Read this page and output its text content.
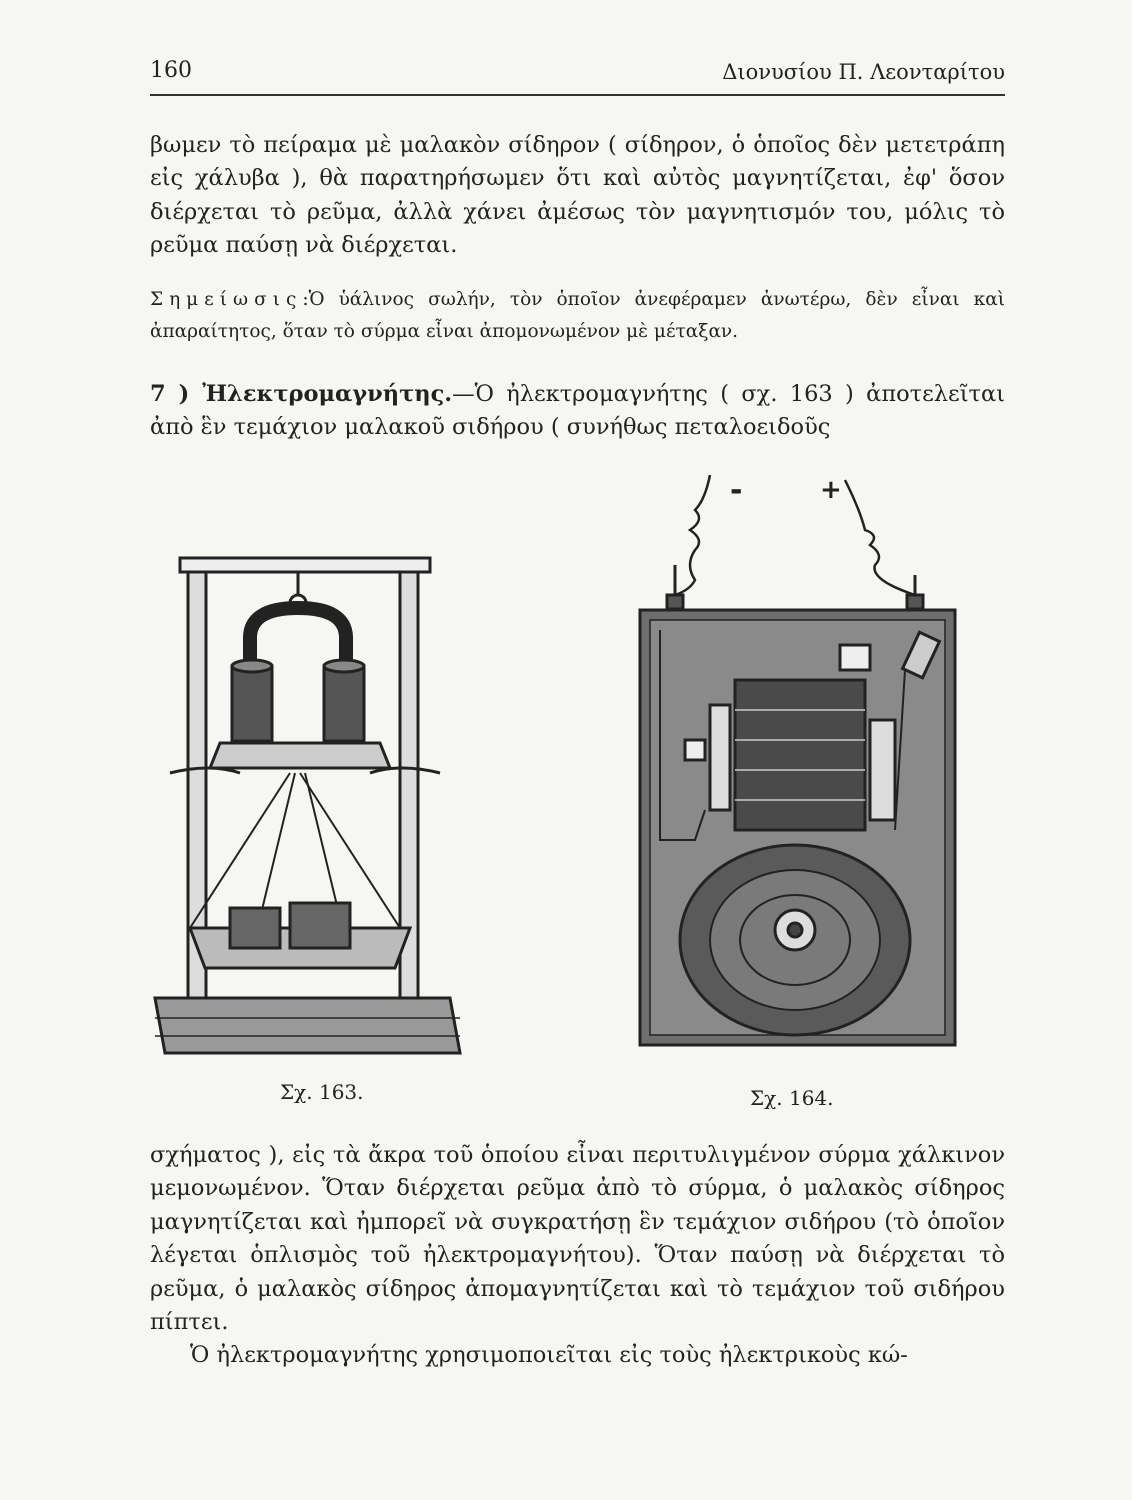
160	Διονυσίου Π. Λεονταρίτου

βωμεν τὸ πείραμα μὲ μαλακὸν σίδηρον ( σίδηρον, ὁ ὁποῖος δὲν μετετράπη εἰς χάλυβα ), θὰ παρατηρήσωμεν ὅτι καὶ αὐτὸς μαγνητίζεται, ἐφ' ὅσον διέρχεται τὸ ρεῦμα, ἀλλὰ χάνει ἀμέσως τὸν μαγνητισμόν του, μόλις τὸ ρεῦμα παύσῃ νὰ διέρχεται.

Σημείωσις:Ὁ ὑάλινος σωλήν, τὸν ὁποῖον ἀνεφέραμεν ἀνωτέρω, δὲν εἶναι καὶ ἀπαραίτητος, ὅταν τὸ σύρμα εἶναι ἀπομονωμένον μὲ μέταξαν.

7 ) Ἠλεκτρομαγνήτης.—Ὁ ἠλεκτρομαγνήτης ( σχ. 163 ) ἀποτελεῖται ἀπὸ ἓν τεμάχιον μαλακοῦ σιδήρου ( συνήθως πεταλοειδοῦς

-	+
Σχ. 163.	Σχ. 164.

σχήματος ), εἰς τὰ ἄκρα τοῦ ὁποίου εἶναι περιτυλιγμένον σύρμα χάλκινον μεμονωμένον. Ὅταν διέρχεται ρεῦμα ἀπὸ τὸ σύρμα, ὁ μαλακὸς σίδηρος μαγνητίζεται καὶ ἠμπορεῖ νὰ συγκρατήσῃ ἓν τεμάχιον σιδήρου (τὸ ὁποῖον λέγεται ὁπλισμὸς τοῦ ἠλεκτρομαγνήτου). Ὅταν παύσῃ νὰ διέρχεται τὸ ρεῦμα, ὁ μαλακὸς σίδηρος ἀπομαγνητίζεται καὶ τὸ τεμάχιον τοῦ σιδήρου πίπτει.

Ὁ ἠλεκτρομαγνήτης χρησιμοποιεῖται εἰς τοὺς ἠλεκτρικοὺς κώ-
